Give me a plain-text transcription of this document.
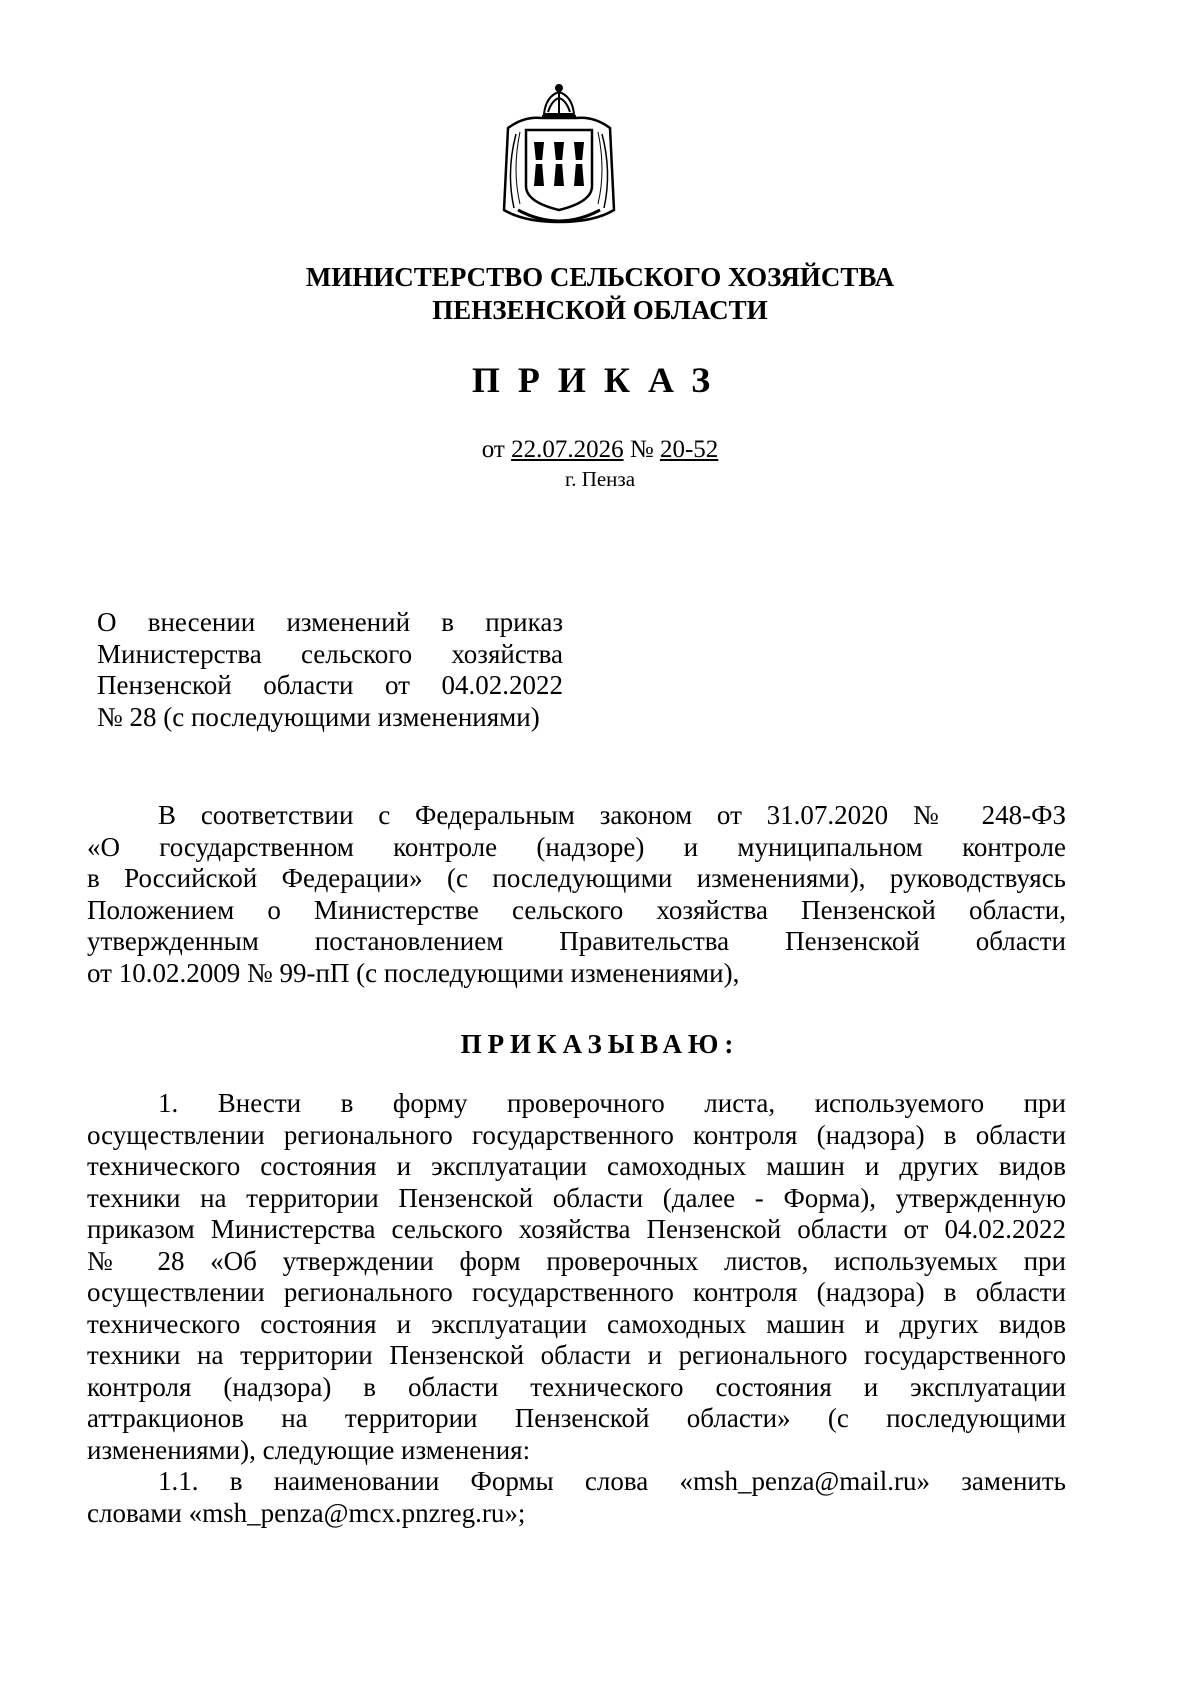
МИНИСТЕРСТВО СЕЛЬСКОГО ХОЗЯЙСТВА
ПЕНЗЕНСКОЙ ОБЛАСТИ
ПРИКАЗ
от 22.07.2026 № 20-52
г. Пенза
О внесении изменений в приказ
Министерства сельского хозяйства
Пензенской области от 04.02.2022
№ 28 (с последующими изменениями)
В соответствии с Федеральным законом от 31.07.2020 № 248-ФЗ
«О государственном контроле (надзоре) и муниципальном контроле
в Российской Федерации» (с последующими изменениями), руководствуясь
Положением о Министерстве сельского хозяйства Пензенской области,
утвержденным постановлением Правительства Пензенской области
от 10.02.2009 № 99-пП (с последующими изменениями),
ПРИКАЗЫВАЮ:
1. Внести в форму проверочного листа, используемого при
осуществлении регионального государственного контроля (надзора) в области
технического состояния и эксплуатации самоходных машин и других видов
техники на территории Пензенской области (далее - Форма), утвержденную
приказом Министерства сельского хозяйства Пензенской области от 04.02.2022
№ 28 «Об утверждении форм проверочных листов, используемых при
осуществлении регионального государственного контроля (надзора) в области
технического состояния и эксплуатации самоходных машин и других видов
техники на территории Пензенской области и регионального государственного
контроля (надзора) в области технического состояния и эксплуатации
аттракционов на территории Пензенской области» (с последующими
изменениями), следующие изменения:
1.1. в наименовании Формы слова «msh_penza@mail.ru» заменить
словами «msh_penza@mcx.pnzreg.ru»;
